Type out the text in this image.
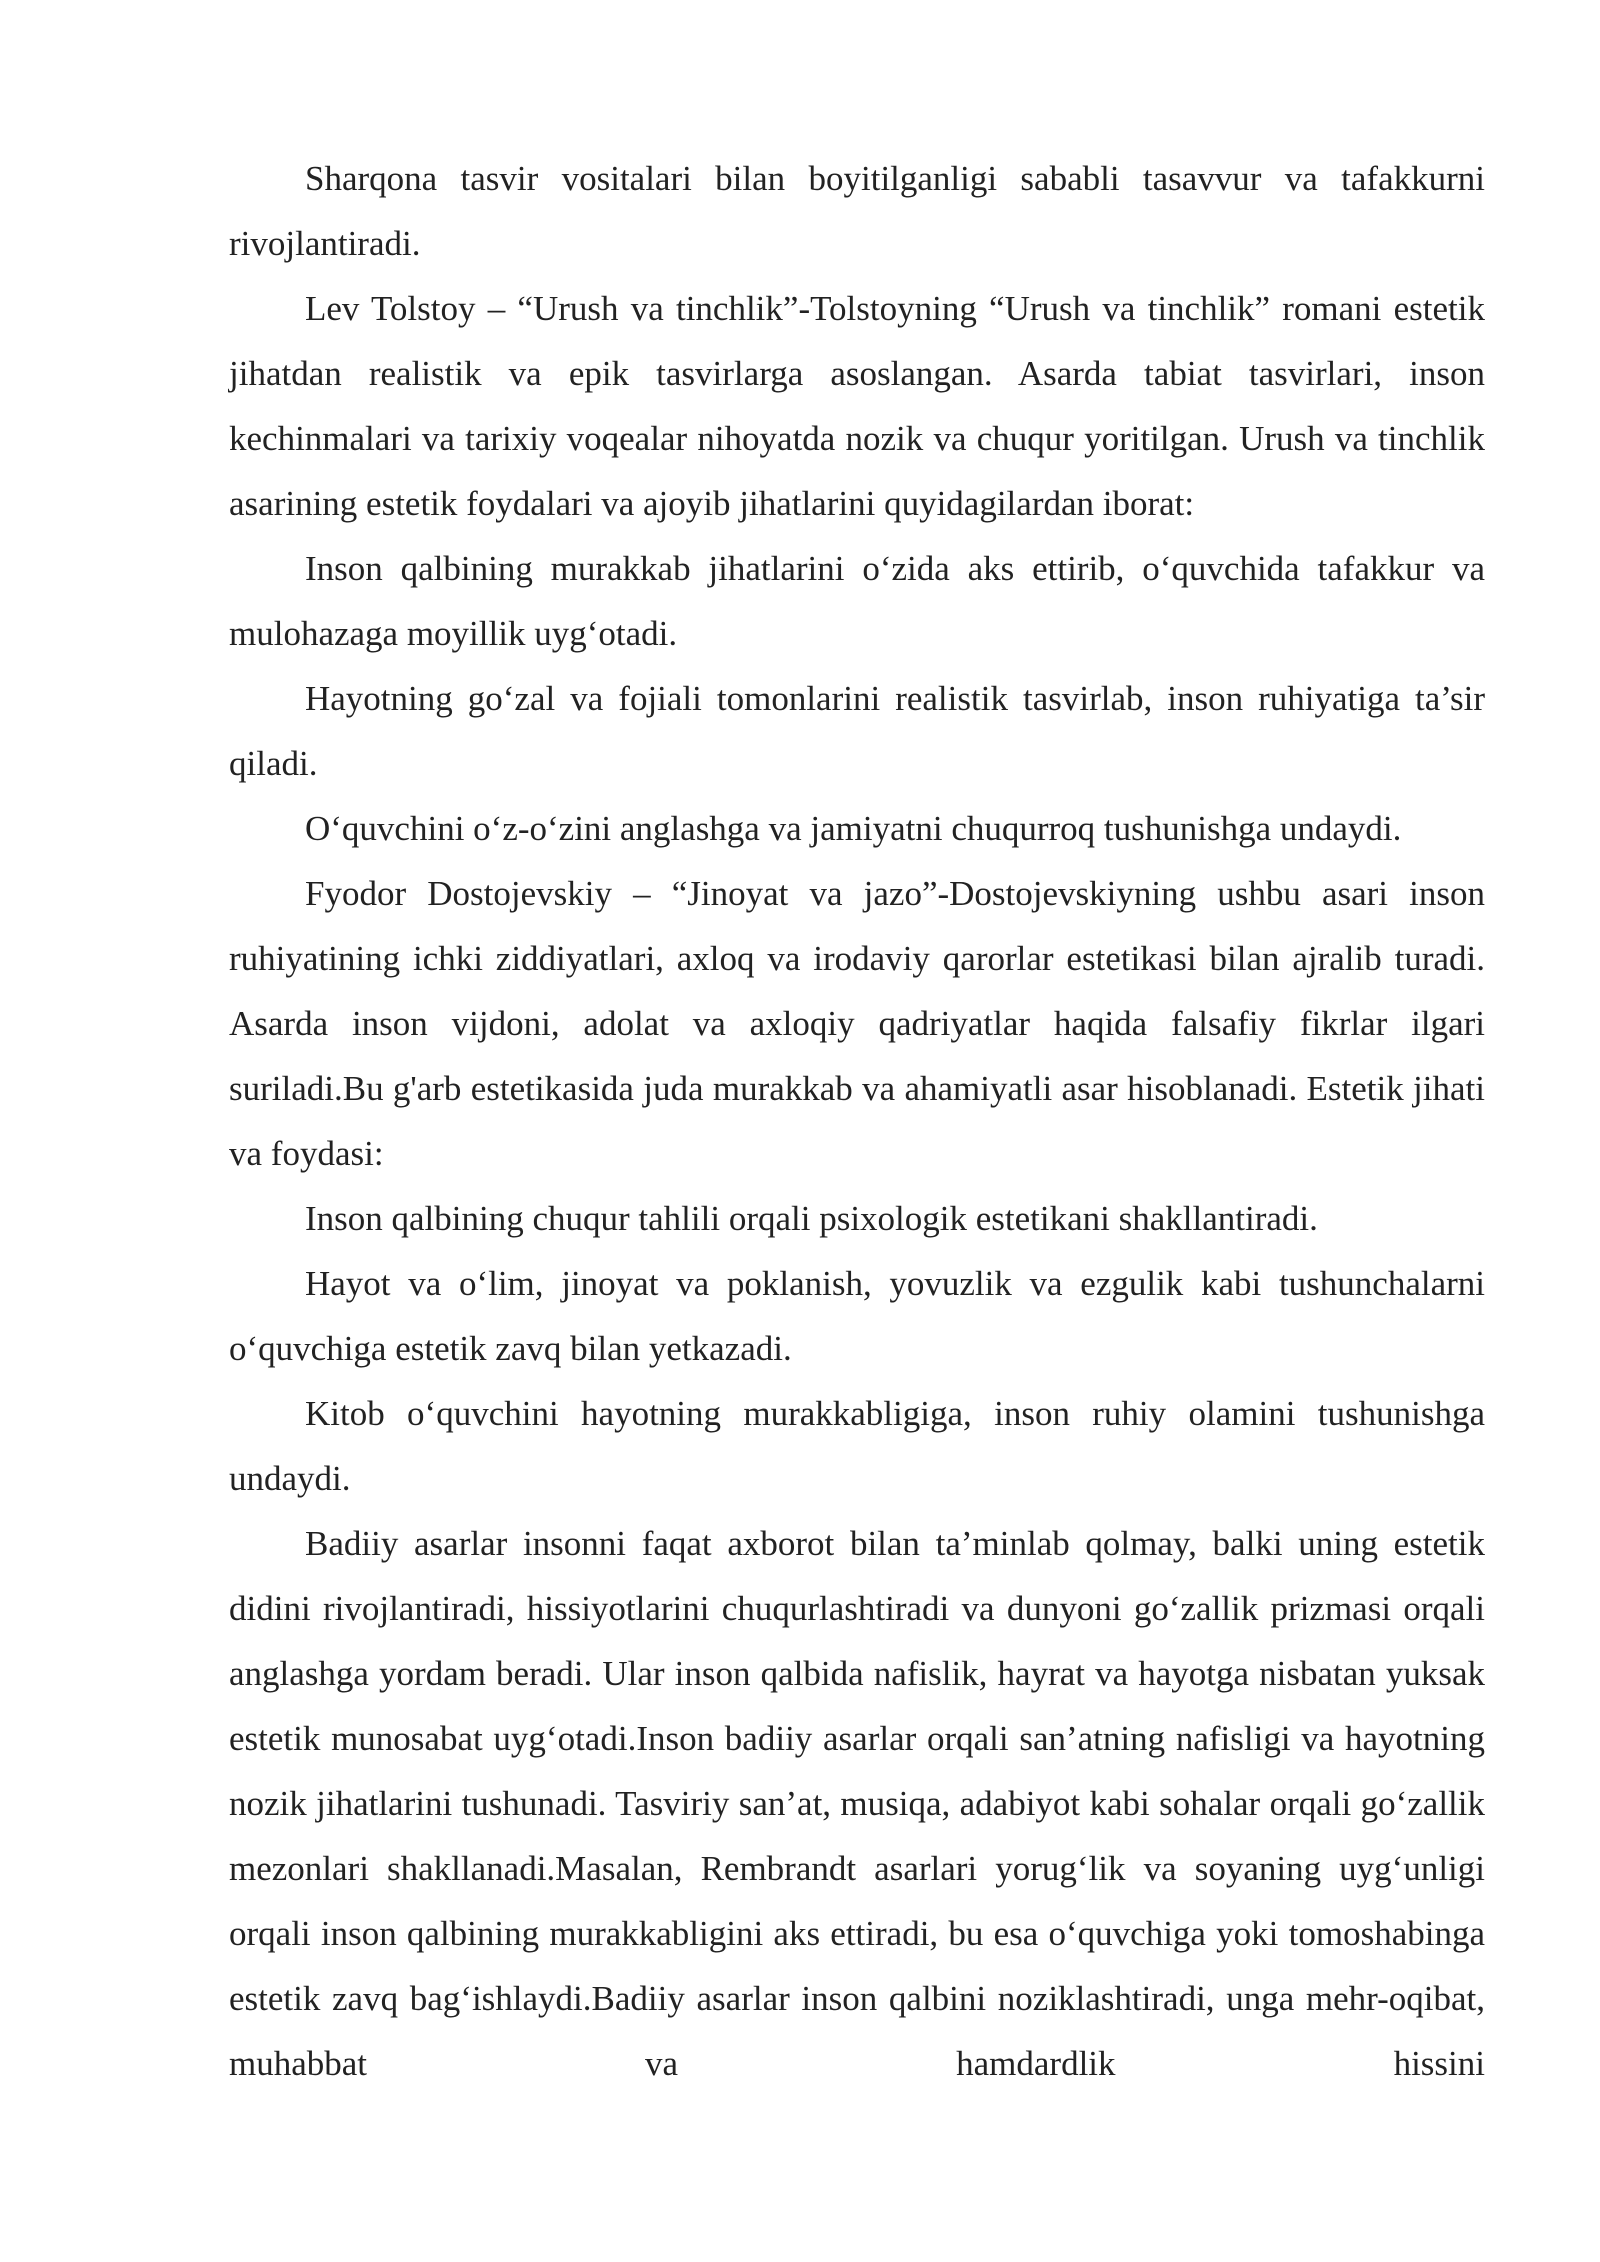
Sharqona tasvir vositalari bilan boyitilganligi sababli tasavvur va tafakkurni rivojlantiradi.

Lev Tolstoy – “Urush va tinchlik”-Tolstoyning “Urush va tinchlik” romani estetik jihatdan realistik va epik tasvirlarga asoslangan. Asarda tabiat tasvirlari, inson kechinmalari va tarixiy voqealar nihoyatda nozik va chuqur yoritilgan. Urush va tinchlik asarining estetik foydalari va ajoyib jihatlarini quyidagilardan iborat:

Inson qalbining murakkab jihatlarini o‘zida aks ettirib, o‘quvchida tafakkur va mulohazaga moyillik uyg‘otadi.

Hayotning go‘zal va fojiali tomonlarini realistik tasvirlab, inson ruhiyatiga ta’sir qiladi.

O‘quvchini o‘z-o‘zini anglashga va jamiyatni chuqurroq tushunishga undaydi.

Fyodor Dostojevskiy – “Jinoyat va jazo”-Dostojevskiyning ushbu asari inson ruhiyatining ichki ziddiyatlari, axloq va irodaviy qarorlar estetikasi bilan ajralib turadi. Asarda inson vijdoni, adolat va axloqiy qadriyatlar haqida falsafiy fikrlar ilgari suriladi.Bu g'arb estetikasida juda murakkab va ahamiyatli asar hisoblanadi. Estetik jihati va foydasi:

Inson qalbining chuqur tahlili orqali psixologik estetikani shakllantiradi.

Hayot va o‘lim, jinoyat va poklanish, yovuzlik va ezgulik kabi tushunchalarni o‘quvchiga estetik zavq bilan yetkazadi.

Kitob o‘quvchini hayotning murakkabligiga, inson ruhiy olamini tushunishga undaydi.

Badiiy asarlar insonni faqat axborot bilan ta’minlab qolmay, balki uning estetik didini rivojlantiradi, hissiyotlarini chuqurlashtiradi va dunyoni go‘zallik prizmasi orqali anglashga yordam beradi. Ular inson qalbida nafislik, hayrat va hayotga nisbatan yuksak estetik munosabat uyg‘otadi.Inson badiiy asarlar orqali san’atning nafisligi va hayotning nozik jihatlarini tushunadi. Tasviriy san’at, musiqa, adabiyot kabi sohalar orqali go‘zallik mezonlari shakllanadi.Masalan, Rembrandt asarlari yorug‘lik va soyaning uyg‘unligi orqali inson qalbining murakkabligini aks ettiradi, bu esa o‘quvchiga yoki tomoshabinga estetik zavq bag‘ishlaydi.Badiiy asarlar inson qalbini noziklashtiradi, unga mehr-oqibat, muhabbat va hamdardlik hissini
